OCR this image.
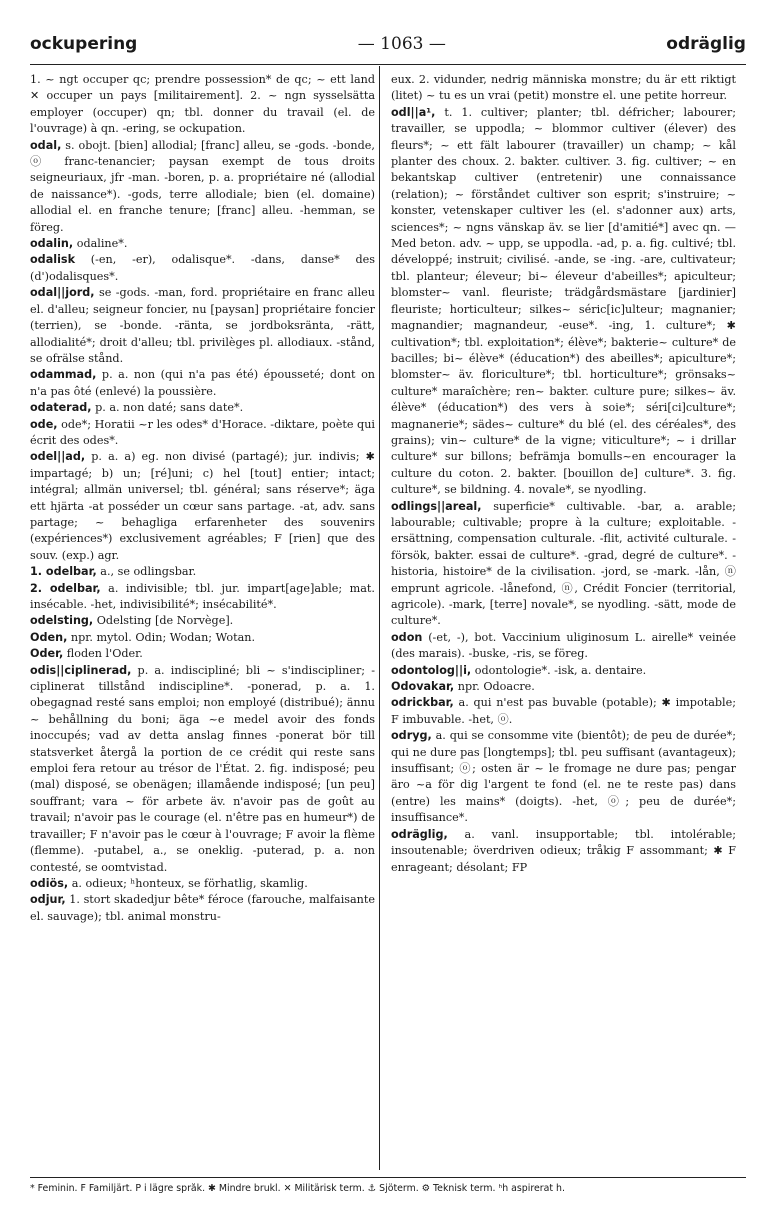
ockupering	— 1063 —	odräglig

1. ~ ngt occuper qc; prendre possession* de qc; ~ ett land ✕ occuper un pays [militairement]. 2. ~ ngn sysselsätta employer (occuper) qn; tbl. donner du travail (el. de l'ouvrage) à qn. -ering, se ockupation.

odal, s. obojt. [bien] allodial; [franc] alleu, se -gods. -bonde, ⓞ franc-tenancier; paysan exempt de tous droits seigneuriaux, jfr -man. -boren, p. a. propriétaire né (allodial de naissance*). -gods, terre allodiale; bien (el. domaine) allodial el. en franche tenure; [franc] alleu. -hemman, se föreg.

odalin, odaline*.

odalisk (-en, -er), odalisque*. -dans, danse* des (d')odalisques*.

odal||jord, se -gods. -man, ford. propriétaire en franc alleu el. d'alleu; seigneur foncier, nu [paysan] propriétaire foncier (terrien), se -bonde. -ränta, se jordboksränta, -rätt, allodialité*; droit d'alleu; tbl. privilèges pl. allodiaux. -stånd, se ofrälse stånd.

odammad, p. a. non (qui n'a pas été) épousseté; dont on n'a pas ôté (enlevé) la poussière.

odaterad, p. a. non daté; sans date*.

ode, ode*; Horatii ~r les odes* d'Horace. -diktare, poète qui écrit des odes*.

odel||ad, p. a. a) eg. non divisé (partagé); jur. indivis; ✱ impartagé; b) un; [ré]uni; c) hel [tout] entier; intact; intégral; allmän universel; tbl. général; sans réserve*; äga ett hjärta -at posséder un cœur sans partage. -at, adv. sans partage; ~ behagliga erfarenheter des souvenirs (expériences*) exclusivement agréables; F [rien] que des souv. (exp.) agr.

1. odelbar, a., se odlingsbar.

2. odelbar, a. indivisible; tbl. jur. impart[age]able; mat. insécable. -het, indivisibilité*; insécabilité*.

odelsting, Odelsting [de Norvège].

Oden, npr. mytol. Odin; Wodan; Wotan.

Oder, floden l'Oder.

odis||ciplinerad, p. a. indiscipliné; bli ~ s'indiscipliner; -ciplinerat tillstånd indiscipline*. -ponerad, p. a. 1. obegagnad resté sans emploi; non employé (distribué); ännu ~ behållning du boni; äga ~e medel avoir des fonds inoccupés; vad av detta anslag finnes -ponerat bör till statsverket återgå la portion de ce crédit qui reste sans emploi fera retour au trésor de l'État. 2. fig. indisposé; peu (mal) disposé, se obenägen; illamående indisposé; [un peu] souffrant; vara ~ för arbete äv. n'avoir pas de goût au travail; n'avoir pas le courage (el. n'être pas en humeur*) de travailler; F n'avoir pas le cœur à l'ouvrage; F avoir la flème (flemme). -putabel, a., se oneklig. -puterad, p. a. non contesté, se oomtvistad.

odiös, a. odieux; ʰhonteux, se förhatlig, skamlig.

odjur, 1. stort skadedjur bête* féroce (farouche, malfaisante el. sauvage); tbl. animal monstru-

eux. 2. vidunder, nedrig människa monstre; du är ett riktigt (litet) ~ tu es un vrai (petit) monstre el. une petite horreur.

odl||a¹, t. 1. cultiver; planter; tbl. défricher; labourer; travailler, se uppodla; ~ blommor cultiver (élever) des fleurs*; ~ ett fält labourer (travailler) un champ; ~ kål planter des choux. 2. bakter. cultiver. 3. fig. cultiver; ~ en bekantskap cultiver (entretenir) une connaissance (relation); ~ förståndet cultiver son esprit; s'instruire; ~ konster, vetenskaper cultiver les (el. s'adonner aux) arts, sciences*; ~ ngns vänskap äv. se lier [d'amitié*] avec qn. — Med beton. adv. ~ upp, se uppodla. -ad, p. a. fig. cultivé; tbl. développé; instruit; civilisé. -ande, se -ing. -are, cultivateur; tbl. planteur; éleveur; bi~ éleveur d'abeilles*; apiculteur; blomster~ vanl. fleuriste; trädgårdsmästare [jardinier] fleuriste; horticulteur; silkes~ séric[ic]ulteur; magnanier; magnandier; magnandeur, -euse*. -ing, 1. culture*; ✱ cultivation*; tbl. exploitation*; élève*; bakterie~ culture* de bacilles; bi~ élève* (éducation*) des abeilles*; apiculture*; blomster~ äv. floriculture*; tbl. horticulture*; grönsaks~ culture* maraîchère; ren~ bakter. culture pure; silkes~ äv. élève* (éducation*) des vers à soie*; séri[ci]culture*; magnanerie*; sädes~ culture* du blé (el. des céréales*, des grains); vin~ culture* de la vigne; viticulture*; ~ i drillar culture* sur billons; befrämja bomulls~en encourager la culture du coton. 2. bakter. [bouillon de] culture*. 3. fig. culture*, se bildning. 4. novale*, se nyodling.

odlings||areal, superficie* cultivable. -bar, a. arable; labourable; cultivable; propre à la culture; exploitable. -ersättning, compensation culturale. -flit, activité culturale. -försök, bakter. essai de culture*. -grad, degré de culture*. -historia, histoire* de la civilisation. -jord, se -mark. -lån, ⓝ emprunt agricole. -lånefond, ⓝ, Crédit Foncier (territorial, agricole). -mark, [terre] novale*, se nyodling. -sätt, mode de culture*.

odon (-et, -), bot. Vaccinium uliginosum L. airelle* veinée (des marais). -buske, -ris, se föreg.

odontolog||i, odontologie*. -isk, a. dentaire.

Odovakar, npr. Odoacre.

odrickbar, a. qui n'est pas buvable (potable); ✱ impotable; F imbuvable. -het, ⓞ.

odryg, a. qui se consomme vite (bientôt); de peu de durée*; qui ne dure pas [longtemps]; tbl. peu suffisant (avantageux); insuffisant; ⓞ; osten är ~ le fromage ne dure pas; pengar äro ~a för dig l'argent te fond (el. ne te reste pas) dans (entre) les mains* (doigts). -het, ⓞ; peu de durée*; insuffisance*.

odräglig, a. vanl. insupportable; tbl. intolérable; insoutenable; överdriven odieux; tråkig F assommant; ✱ F enrageant; désolant; FP

* Feminin. F Familjärt. P i lägre språk. ✱ Mindre brukl. ✕ Militärisk term. ⚓ Sjöterm. ⚙ Teknisk term. ʰh aspirerat h.
